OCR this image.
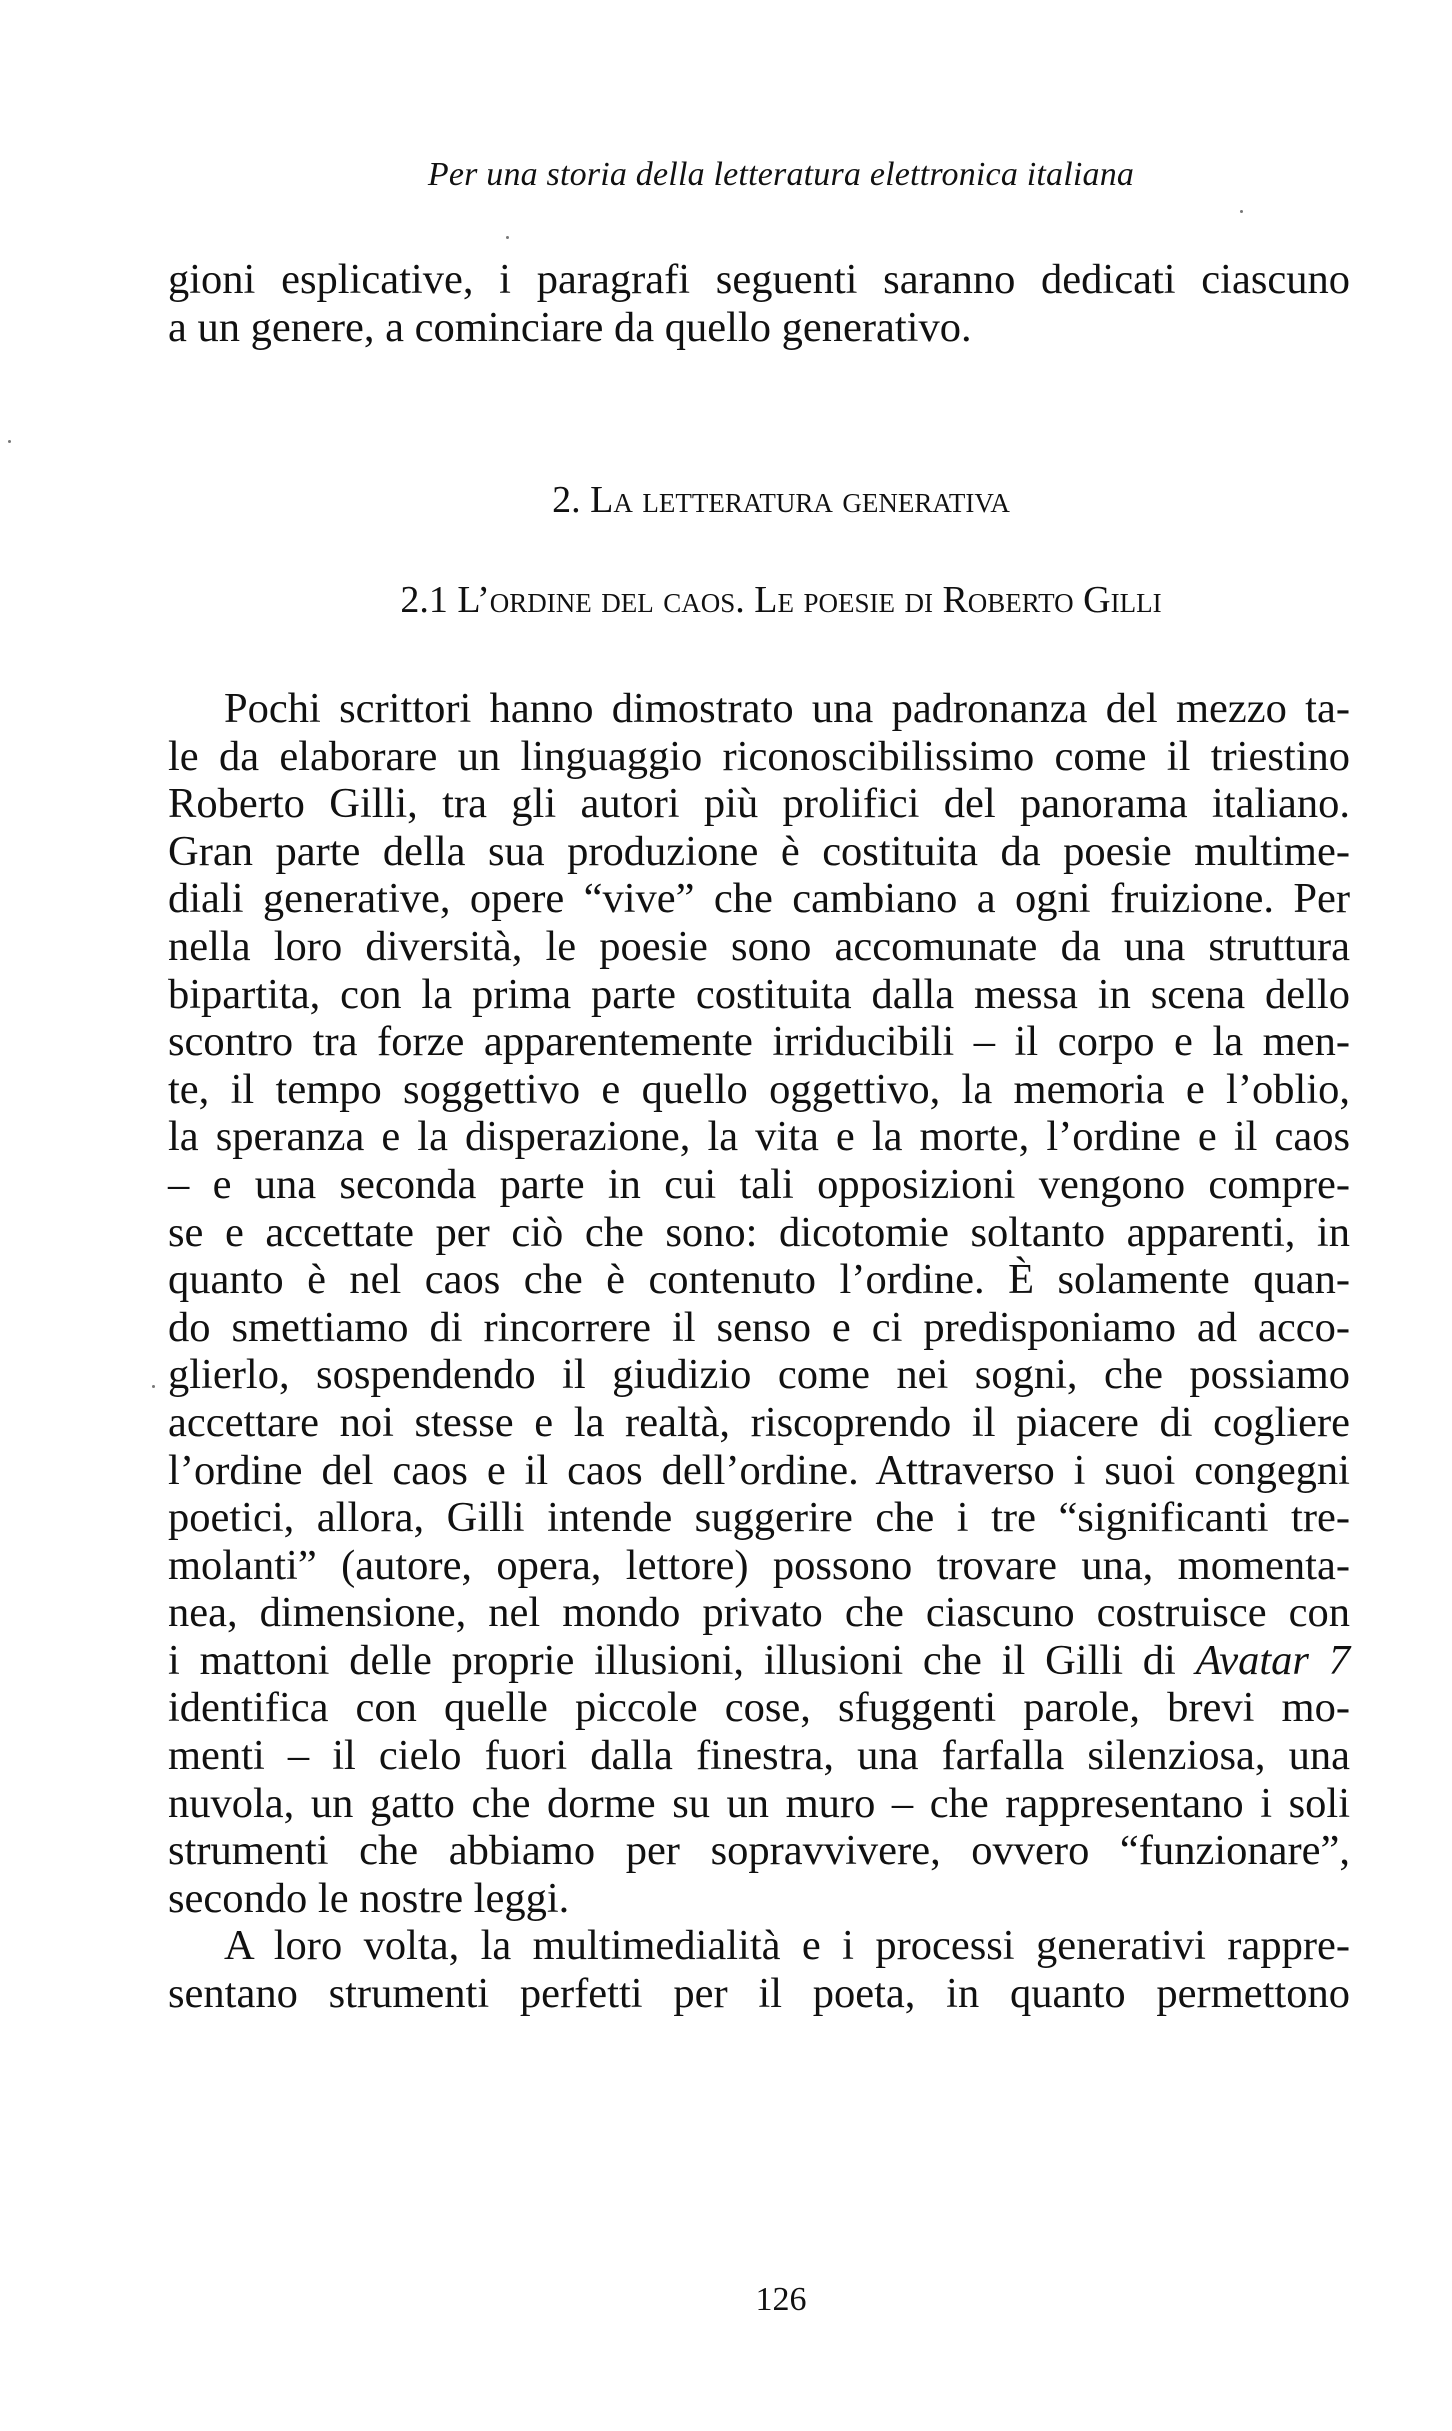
Per una storia della letteratura elettronica italiana
gioni esplicative, i paragrafi seguenti saranno dedicati ciascuno
a un genere, a cominciare da quello generativo.
2. La letteratura generativa
2.1 L’ordine del caos. Le poesie di Roberto Gilli
Pochi scrittori hanno dimostrato una padronanza del mezzo ta-
le da elaborare un linguaggio riconoscibilissimo come il triestino
Roberto Gilli, tra gli autori più prolifici del panorama italiano.
Gran parte della sua produzione è costituita da poesie multime-
diali generative, opere “vive” che cambiano a ogni fruizione. Per
nella loro diversità, le poesie sono accomunate da una struttura
bipartita, con la prima parte costituita dalla messa in scena dello
scontro tra forze apparentemente irriducibili – il corpo e la men-
te, il tempo soggettivo e quello oggettivo, la memoria e l’oblio,
la speranza e la disperazione, la vita e la morte, l’ordine e il caos
– e una seconda parte in cui tali opposizioni vengono compre-
se e accettate per ciò che sono: dicotomie soltanto apparenti, in
quanto è nel caos che è contenuto l’ordine. È solamente quan-
do smettiamo di rincorrere il senso e ci predisponiamo ad acco-
glierlo, sospendendo il giudizio come nei sogni, che possiamo
accettare noi stesse e la realtà, riscoprendo il piacere di cogliere
l’ordine del caos e il caos dell’ordine. Attraverso i suoi congegni
poetici, allora, Gilli intende suggerire che i tre “significanti tre-
molanti” (autore, opera, lettore) possono trovare una, momenta-
nea, dimensione, nel mondo privato che ciascuno costruisce con
i mattoni delle proprie illusioni, illusioni che il Gilli di Avatar 7
identifica con quelle piccole cose, sfuggenti parole, brevi mo-
menti – il cielo fuori dalla finestra, una farfalla silenziosa, una
nuvola, un gatto che dorme su un muro – che rappresentano i soli
strumenti che abbiamo per sopravvivere, ovvero “funzionare”,
secondo le nostre leggi.
A loro volta, la multimedialità e i processi generativi rappre-
sentano strumenti perfetti per il poeta, in quanto permettono
126
